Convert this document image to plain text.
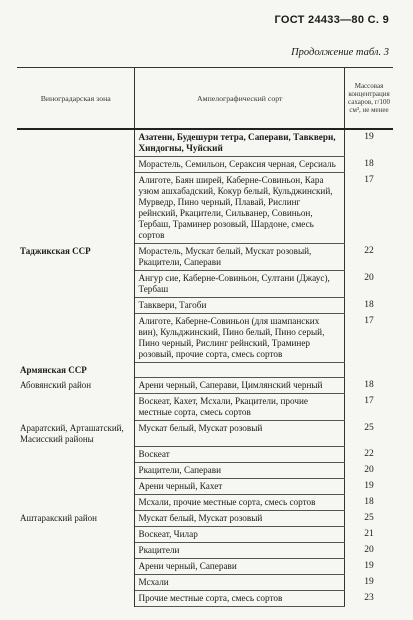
ГОСТ 24433—80 С. 9
Продолжение табл. 3
Виноградарская зона	Ампелографический сорт	Массовая концентрация сахаров, г/100 см³, не менее
	Азатени, Будешури тетра, Саперави, Тавквери, Хиндогны, Чуйский	19
	Морастель, Семильон, Сераксия черная, Серсиаль	18
	Алиготе, Баян ширей, Каберне-Совиньон, Кара узюм ашхабадский, Кокур белый, Кульджинский, Мурведр, Пино черный, Плавай, Рислинг рейнский, Ркацители, Сильванер, Совиньон, Тербаш, Траминер розовый, Шардоне, смесь сортов	17
Таджикская ССР	Морастель, Мускат белый, Мускат розовый, Ркацители, Саперави	22
	Ангур сие, Каберне-Совиньон, Султани (Джаус), Тербаш	20
	Тавквери, Тагоби	18
	Алиготе, Каберне-Совиньон (для шампанских вин), Кульджинский, Пино белый, Пино серый, Пино черный, Рислинг рейнский, Траминер розовый, прочие сорта, смесь сортов	17
Армянская ССР		
Абовянский район	Арени черный, Саперави, Цимлянский черный	18
	Воскеат, Кахет, Мсхали, Ркацители, прочие местные сорта, смесь сортов	17
Араратский, Арташатский, Масисский районы	Мускат белый, Мускат розовый	25
	Воскеат	22
	Ркацители, Саперави	20
	Арени черный, Кахет	19
	Мсхали, прочие местные сорта, смесь сортов	18
Аштаракский район	Мускат белый, Мускат розовый	25
	Воскеат, Чилар	21
	Ркацители	20
	Арени черный, Саперави	19
	Мсхали	19
	Прочие местные сорта, смесь сортов	23
